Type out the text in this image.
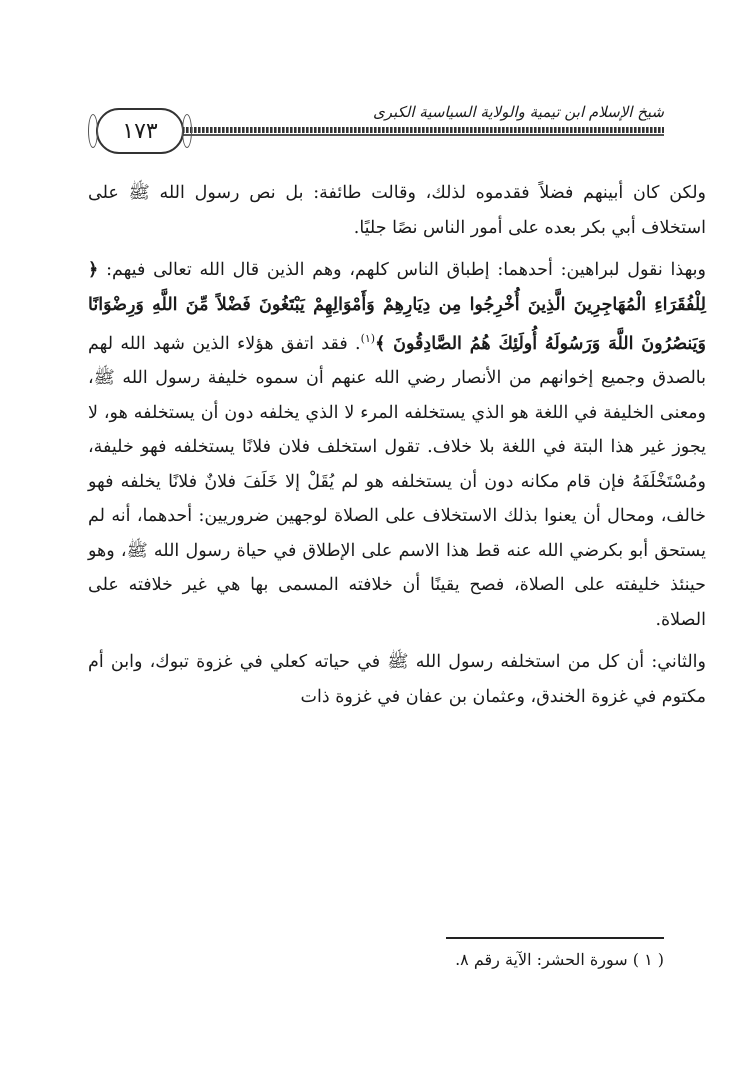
شيخ الإسلام ابن تيمية والولاية السياسية الكبرى
١٧٣

ولكن كان أبينهم فضلاً فقدموه لذلك، وقالت طائفة: بل نص رسول الله ﷺ على استخلاف أبي بكر بعده على أمور الناس نصًا جليًا.

وبهذا نقول لبراهين: أحدهما: إطباق الناس كلهم، وهم الذين قال الله تعالى فيهم: ﴿ لِلْفُقَرَاءِ الْمُهَاجِرِينَ الَّذِينَ أُخْرِجُوا مِن دِيَارِهِمْ وَأَمْوَالِهِمْ يَبْتَغُونَ فَضْلاً مِّنَ اللَّهِ وَرِضْوَانًا وَيَنصُرُونَ اللَّهَ وَرَسُولَهُ أُولَئِكَ هُمُ الصَّادِقُونَ ﴾$^{(١)}$. فقد اتفق هؤلاء الذين شهد الله لهم بالصدق وجميع إخوانهم من الأنصار رضي الله عنهم أن سموه خليفة رسول الله ﷺ، ومعنى الخليفة في اللغة هو الذي يستخلفه المرء لا الذي يخلفه دون أن يستخلفه هو، لا يجوز غير هذا البتة في اللغة بلا خلاف. تقول استخلف فلان فلانًا يستخلفه فهو خليفة، ومُسْتَخْلَفَهُ فإن قام مكانه دون أن يستخلفه هو لم يُقَلْ إلا خَلَفَ فلانٌ فلانًا يخلفه فهو خالف، ومحال أن يعنوا بذلك الاستخلاف على الصلاة لوجهين ضروريين: أحدهما، أنه لم يستحق أبو بكرضي الله عنه قط هذا الاسم على الإطلاق في حياة رسول الله ﷺ، وهو حينئذ خليفته على الصلاة، فصح يقينًا أن خلافته المسمى بها هي غير خلافته على الصلاة.

والثاني: أن كل من استخلفه رسول الله ﷺ في حياته كعلي في غزوة تبوك، وابن أم مكتوم في غزوة الخندق، وعثمان بن عفان في غزوة ذات

( ١ ) سورة الحشر: الآية رقم ٨.
